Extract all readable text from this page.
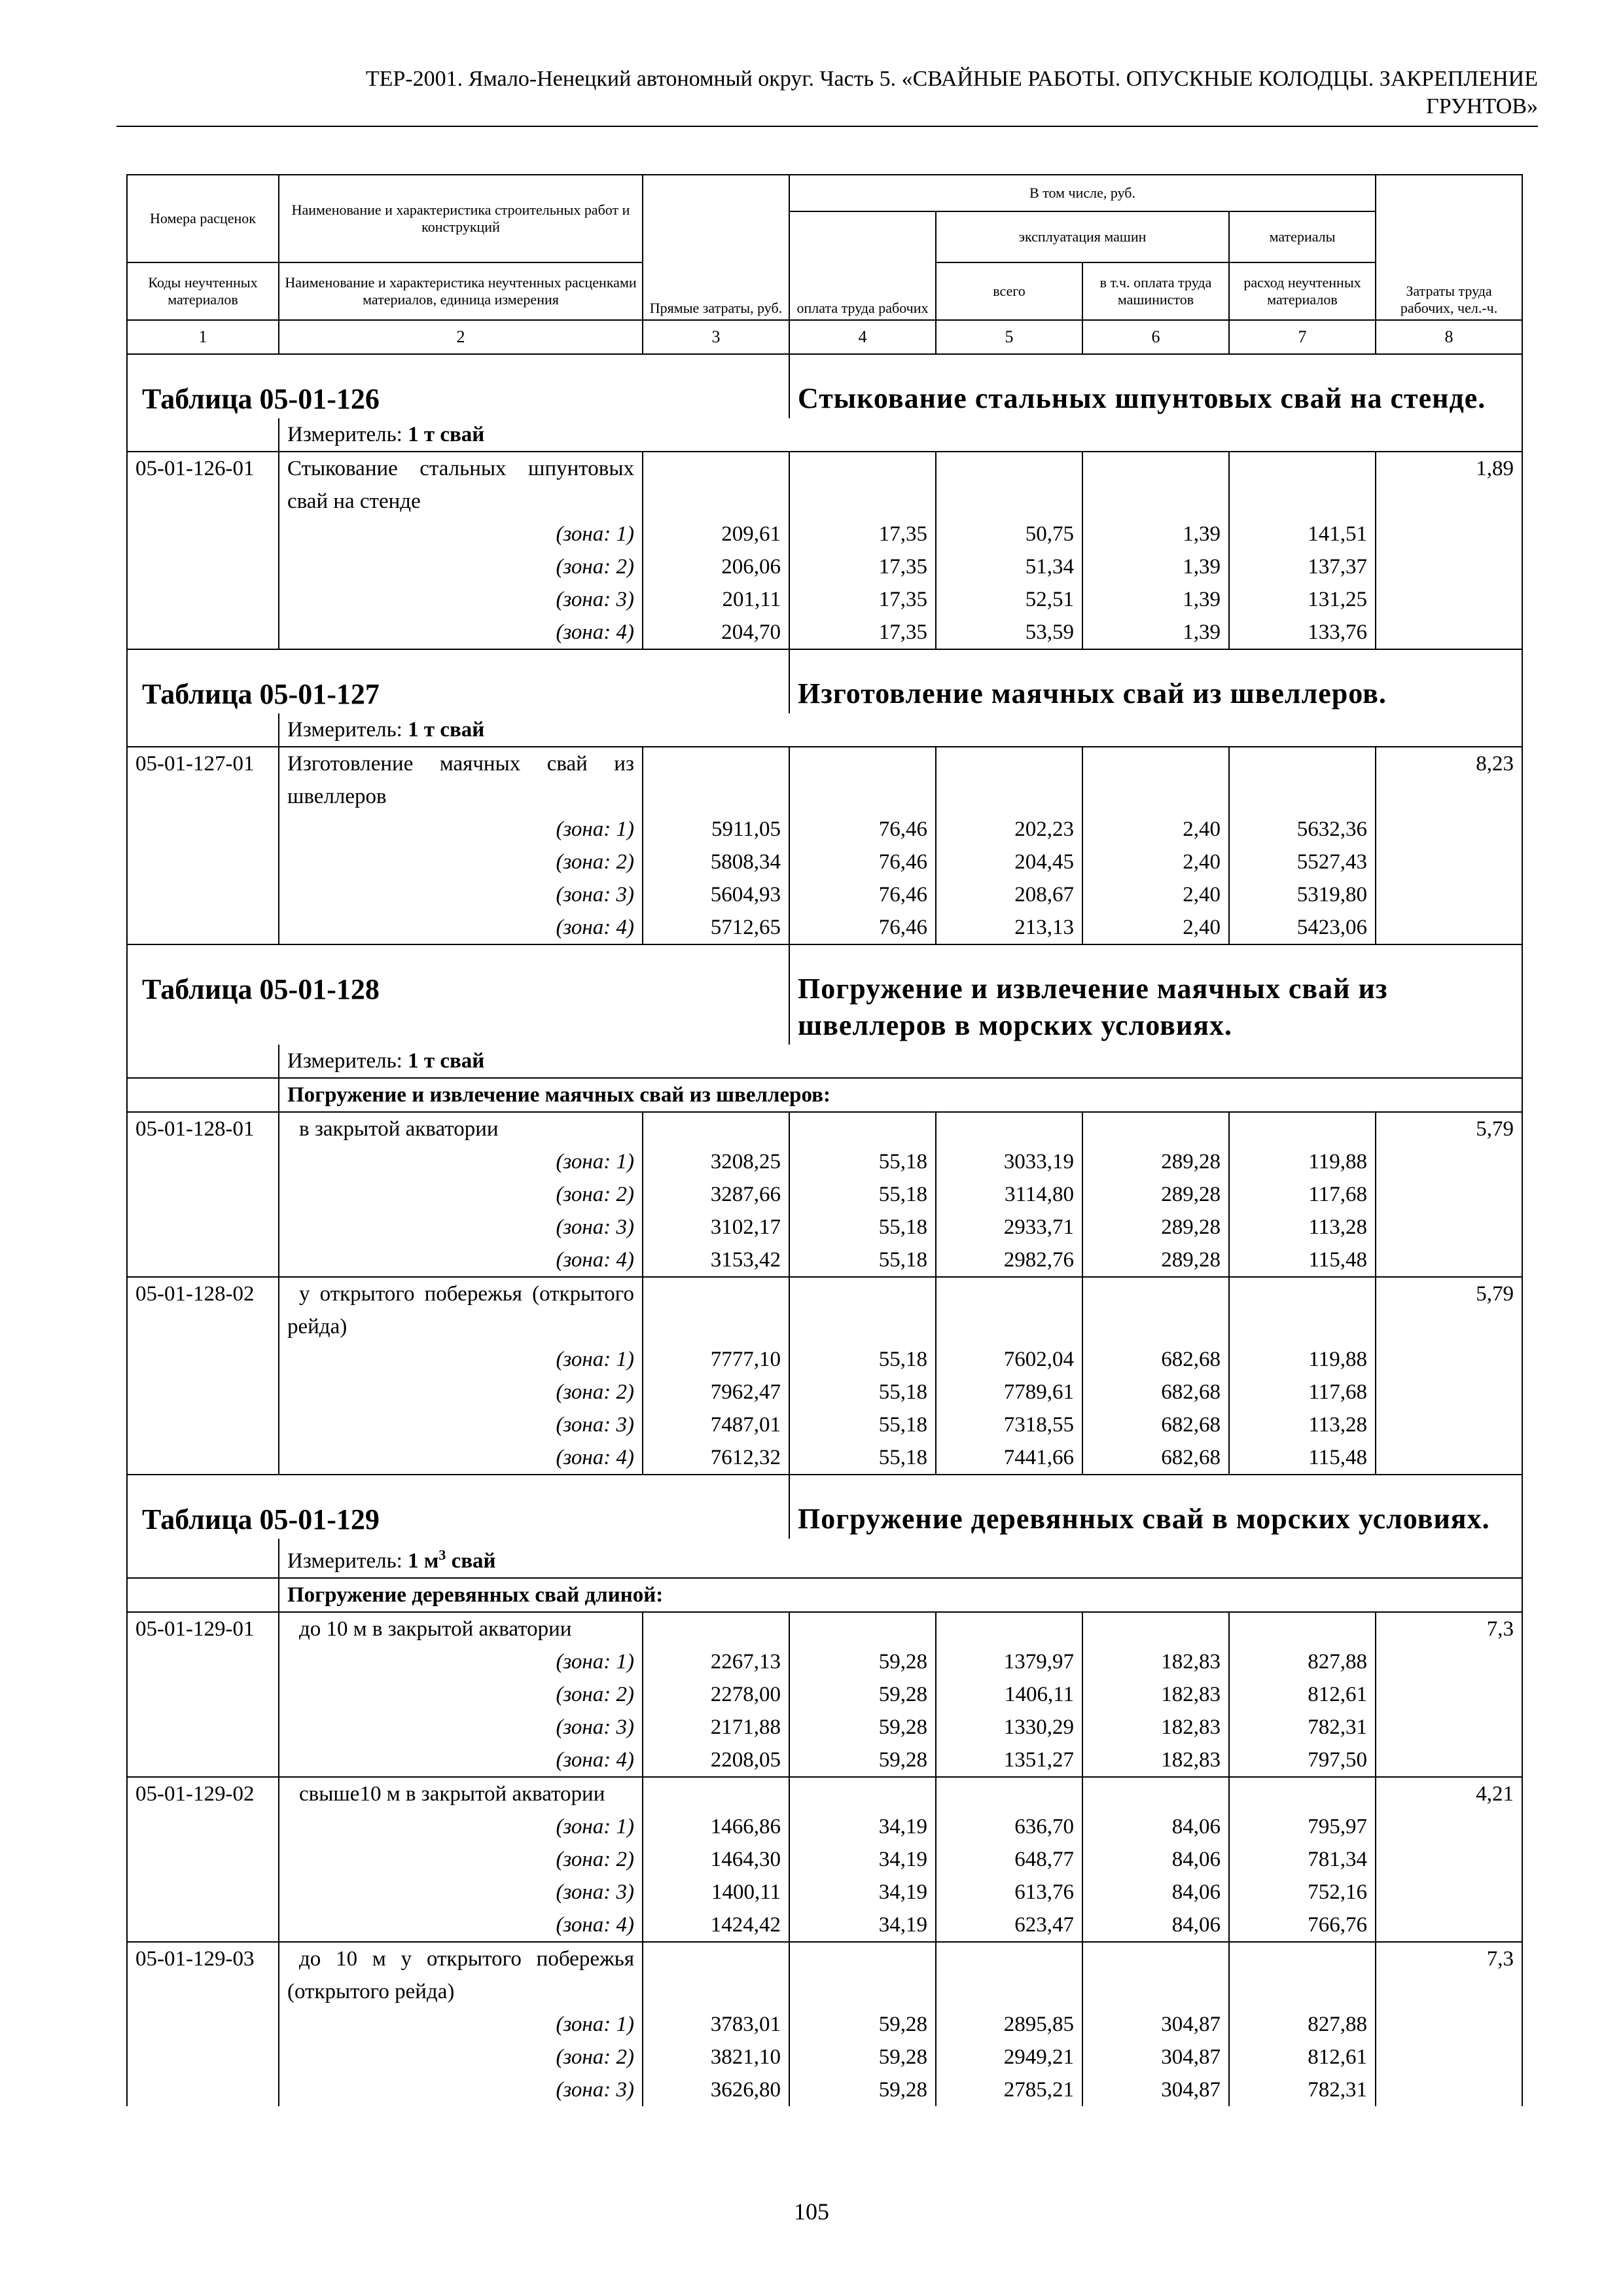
ТЕР-2001. Ямало-Ненецкий автономный округ. Часть 5. «СВАЙНЫЕ РАБОТЫ. ОПУСКНЫЕ КОЛОДЦЫ. ЗАКРЕПЛЕНИЕ
ГРУНТОВ»
Номера расценок	Наименование и характеристика строительных работ и конструкций	Прямые затраты, руб.	В том числе, руб.				Затраты труда рабочих, чел.-ч.
			оплата труда рабочих	эксплуатация машин		материалы	
Коды неучтенных материалов	Наименование и характеристика неучтенных расценками материалов, единица измерения			всего	в т.ч. оплата труда машинистов	расход неучтенных материалов	
1	2	3	4	5	6	7	8
Таблица 05-01-126			Стыкование стальных шпунтовых свай на стенде.				
	Измеритель: 1 т свай						
05-01-126-01	Стыкование стальных шпунтовых свай на стенде						1,89
	(зона: 1)	209,61	17,35	50,75	1,39	141,51	
	(зона: 2)	206,06	17,35	51,34	1,39	137,37	
	(зона: 3)	201,11	17,35	52,51	1,39	131,25	
	(зона: 4)	204,70	17,35	53,59	1,39	133,76	
Таблица 05-01-127			Изготовление маячных свай из швеллеров.				
	Измеритель: 1 т свай						
05-01-127-01	Изготовление маячных свай из швеллеров						8,23
	(зона: 1)	5911,05	76,46	202,23	2,40	5632,36	
	(зона: 2)	5808,34	76,46	204,45	2,40	5527,43	
	(зона: 3)	5604,93	76,46	208,67	2,40	5319,80	
	(зона: 4)	5712,65	76,46	213,13	2,40	5423,06	
Таблица 05-01-128			Погружение и извлечение маячных свай из швеллеров в морских условиях.				
	Измеритель: 1 т свай						
	Погружение и извлечение маячных свай из швеллеров:						
05-01-128-01	в закрытой акватории						5,79
	(зона: 1)	3208,25	55,18	3033,19	289,28	119,88	
	(зона: 2)	3287,66	55,18	3114,80	289,28	117,68	
	(зона: 3)	3102,17	55,18	2933,71	289,28	113,28	
	(зона: 4)	3153,42	55,18	2982,76	289,28	115,48	
05-01-128-02	у открытого побережья (открытого рейда)						5,79
	(зона: 1)	7777,10	55,18	7602,04	682,68	119,88	
	(зона: 2)	7962,47	55,18	7789,61	682,68	117,68	
	(зона: 3)	7487,01	55,18	7318,55	682,68	113,28	
	(зона: 4)	7612,32	55,18	7441,66	682,68	115,48	
Таблица 05-01-129			Погружение деревянных свай в морских условиях.				
	Измеритель: 1 $м^3$ свай						
	Погружение деревянных свай длиной:						
05-01-129-01	до 10 м в закрытой акватории						7,3
	(зона: 1)	2267,13	59,28	1379,97	182,83	827,88	
	(зона: 2)	2278,00	59,28	1406,11	182,83	812,61	
	(зона: 3)	2171,88	59,28	1330,29	182,83	782,31	
	(зона: 4)	2208,05	59,28	1351,27	182,83	797,50	
05-01-129-02	свыше10 м в закрытой акватории						4,21
	(зона: 1)	1466,86	34,19	636,70	84,06	795,97	
	(зона: 2)	1464,30	34,19	648,77	84,06	781,34	
	(зона: 3)	1400,11	34,19	613,76	84,06	752,16	
	(зона: 4)	1424,42	34,19	623,47	84,06	766,76	
05-01-129-03	до 10 м у открытого побережья (открытого рейда)						7,3
	(зона: 1)	3783,01	59,28	2895,85	304,87	827,88	
	(зона: 2)	3821,10	59,28	2949,21	304,87	812,61	
	(зона: 3)	3626,80	59,28	2785,21	304,87	782,31	
105
